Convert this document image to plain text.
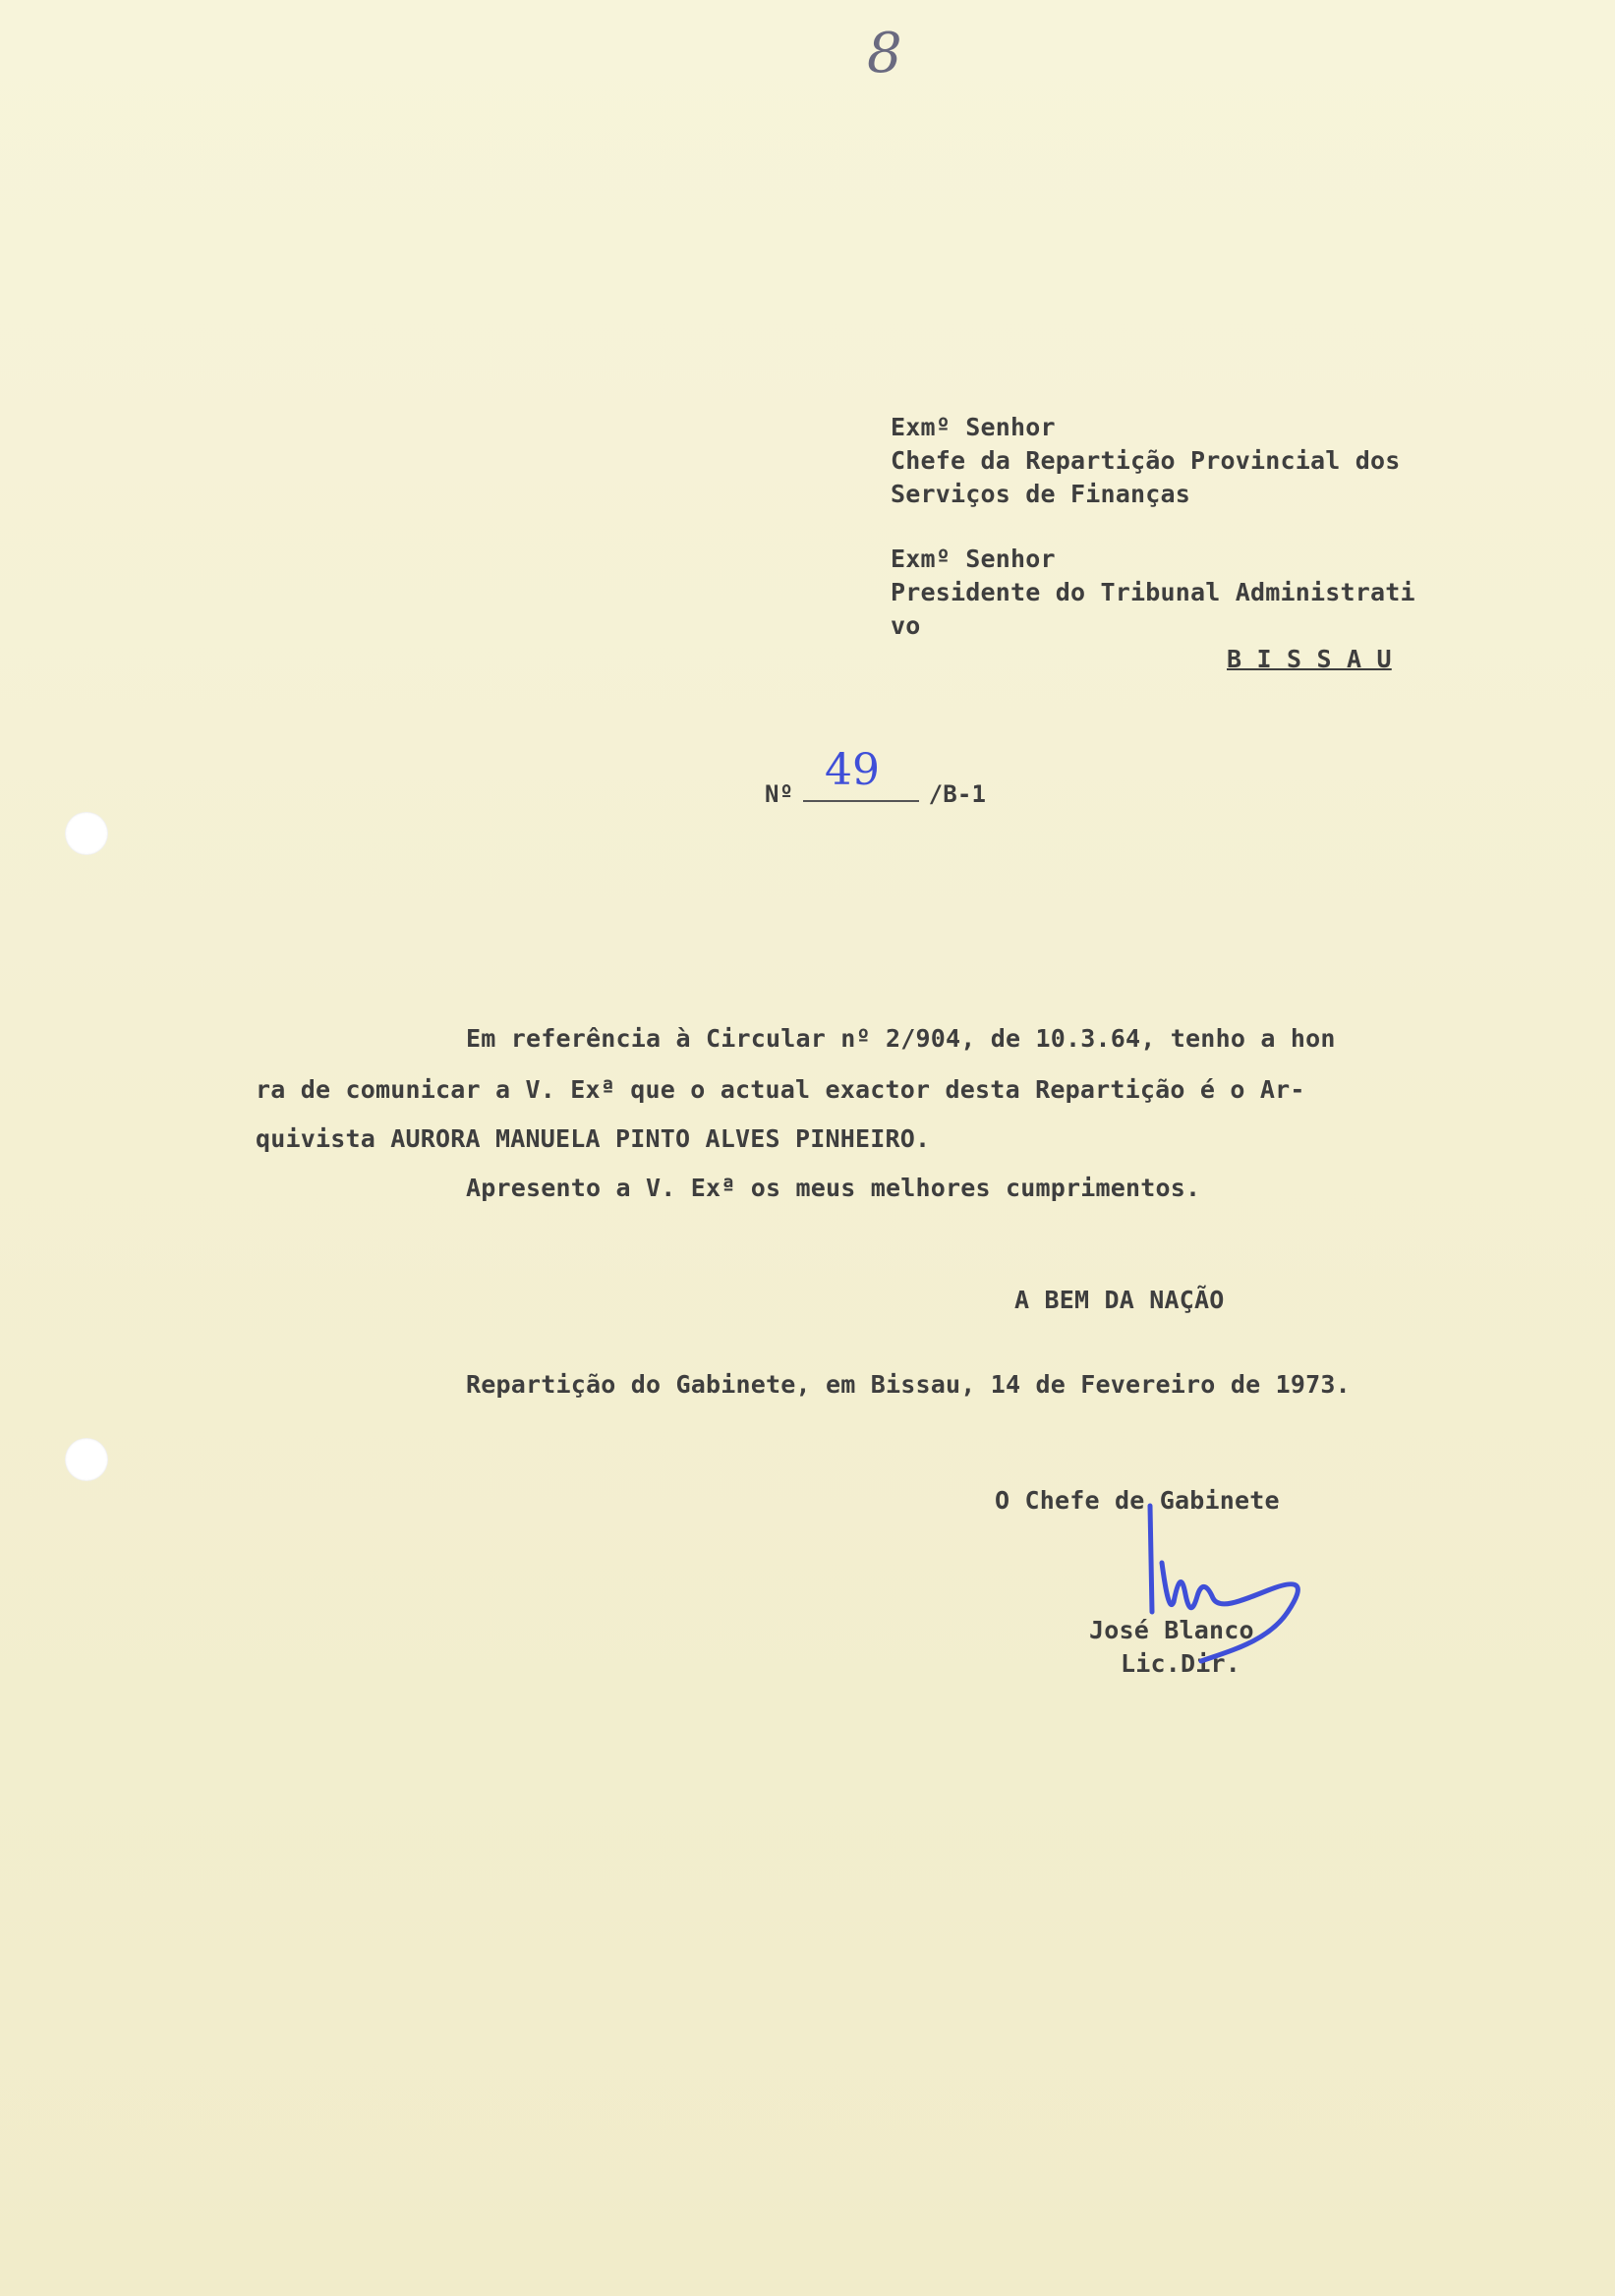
8
Exmº Senhor
Chefe da Repartição Provincial dos
Serviços de Finanças
Exmº Senhor
Presidente do Tribunal Administrati
vo
B I S S A U
Nº 49 /B-1
Em referência à Circular nº 2/904, de 10.3.64, tenho a hon
ra de comunicar a V. Exª que o actual exactor desta Repartição é o Ar-
quivista AURORA MANUELA PINTO ALVES PINHEIRO.
Apresento a V. Exª os meus melhores cumprimentos.
A BEM DA NAÇÃO
Repartição do Gabinete, em Bissau, 14 de Fevereiro de 1973.
O Chefe de Gabinete
José Blanco
Lic.Dir.
